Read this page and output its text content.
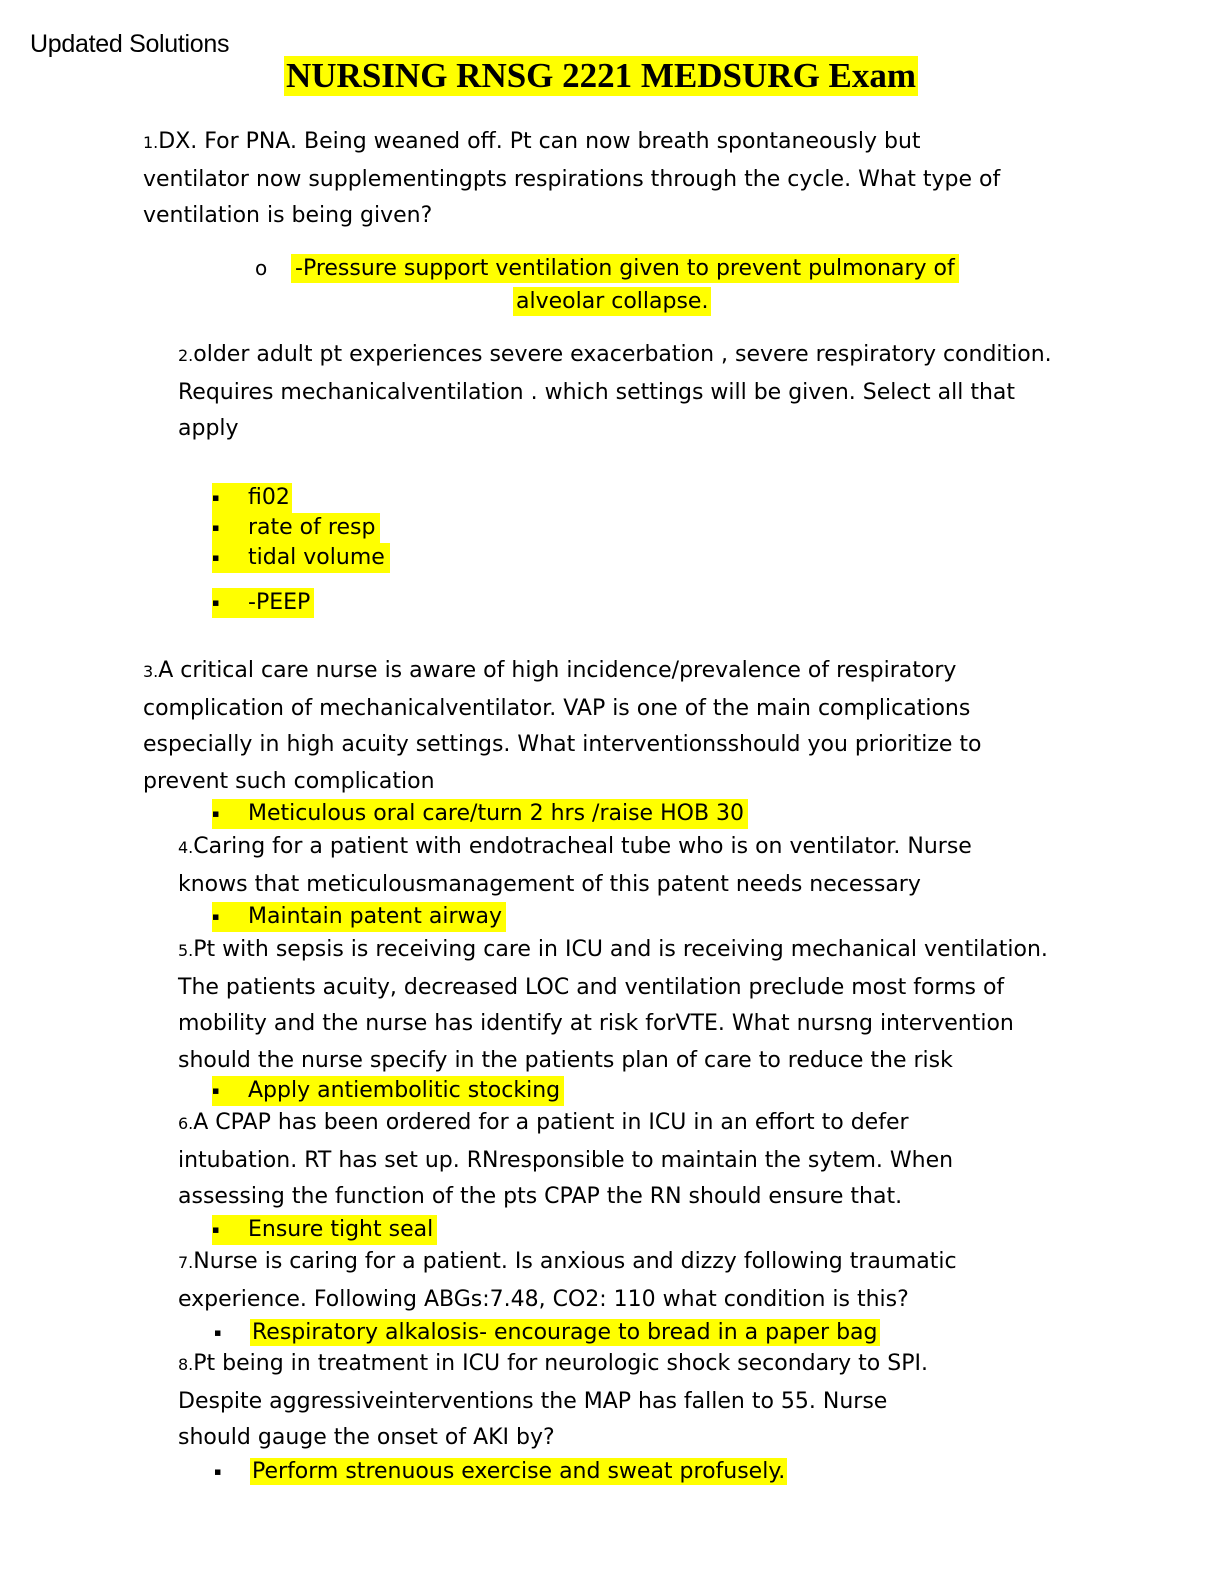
Updated Solutions
NURSING RNSG 2221 MEDSURG Exam
1.DX. For PNA. Being weaned off. Pt can now breath spontaneously but
ventilator now supplementingpts respirations through the cycle. What type of
ventilation is being given?
o -Pressure support ventilation given to prevent pulmonary of
alveolar collapse.
2.older adult pt experiences severe exacerbation , severe respiratory condition.
Requires mechanicalventilation . which settings will be given. Select all that
apply
▪ fi02
▪ rate of resp
▪ tidal volume
▪ -PEEP
3.A critical care nurse is aware of high incidence/prevalence of respiratory
complication of mechanicalventilator. VAP is one of the main complications
especially in high acuity settings. What interventionsshould you prioritize to
prevent such complication
▪ Meticulous oral care/turn 2 hrs /raise HOB 30
4.Caring for a patient with endotracheal tube who is on ventilator. Nurse
knows that meticulousmanagement of this patent needs necessary
▪ Maintain patent airway
5.Pt with sepsis is receiving care in ICU and is receiving mechanical ventilation.
The patients acuity, decreased LOC and ventilation preclude most forms of
mobility and the nurse has identify at risk forVTE. What nursng intervention
should the nurse specify in the patients plan of care to reduce the risk
▪ Apply antiembolitic stocking
6.A CPAP has been ordered for a patient in ICU in an effort to defer
intubation. RT has set up. RNresponsible to maintain the sytem. When
assessing the function of the pts CPAP the RN should ensure that.
▪ Ensure tight seal
7.Nurse is caring for a patient. Is anxious and dizzy following traumatic
experience. Following ABGs:7.48, CO2: 110 what condition is this?
▪ Respiratory alkalosis- encourage to bread in a paper bag
8.Pt being in treatment in ICU for neurologic shock secondary to SPI.
Despite aggressiveinterventions the MAP has fallen to 55. Nurse
should gauge the onset of AKI by?
▪ Perform strenuous exercise and sweat profusely.
